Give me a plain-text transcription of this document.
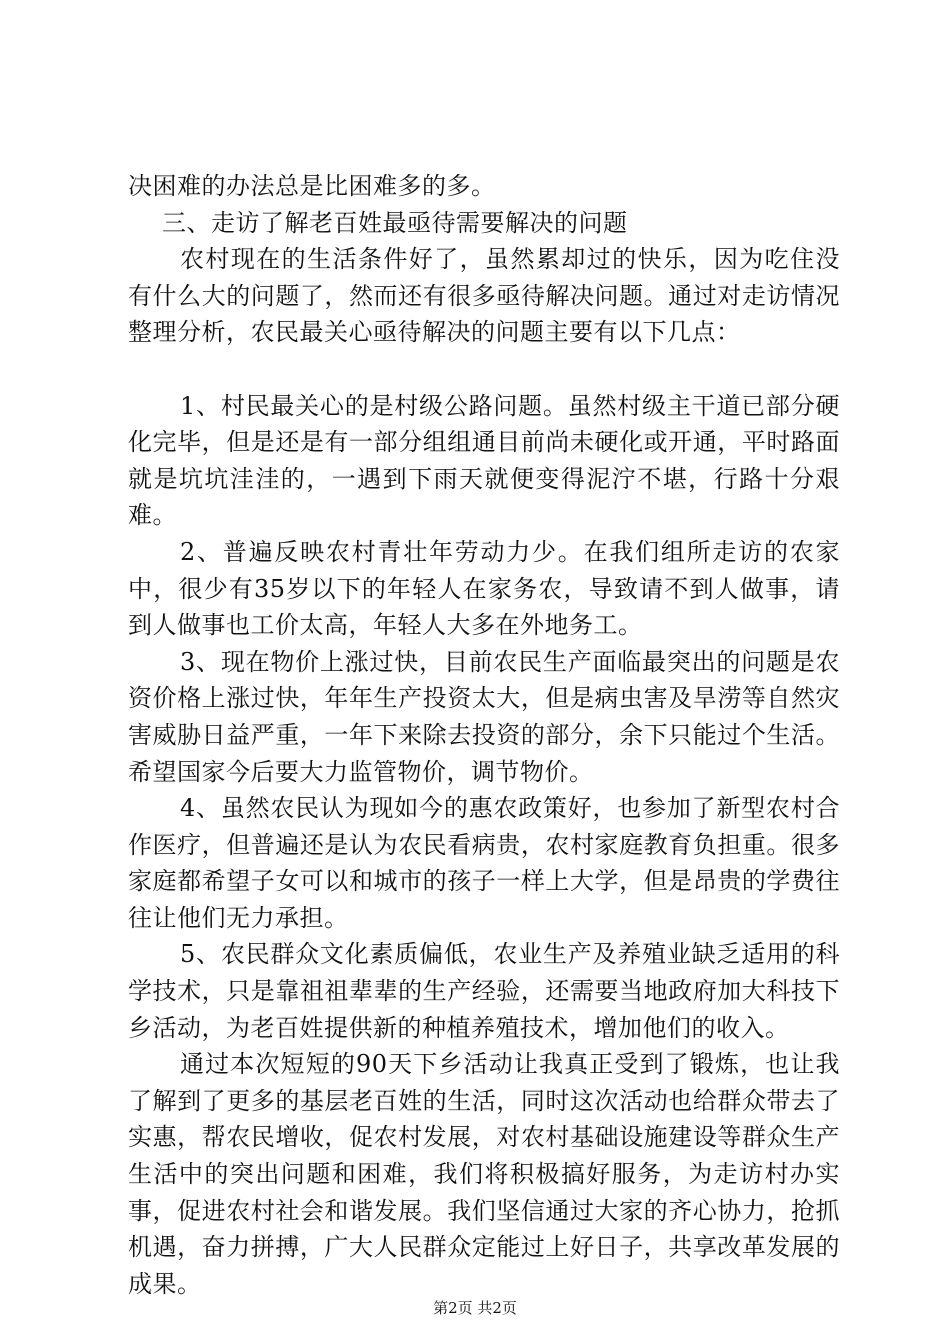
决困难的办法总是比困难多的多。

三、走访了解老百姓最亟待需要解决的问题

农村现在的生活条件好了，虽然累却过的快乐，因为吃住没有什么大的问题了，然而还有很多亟待解决问题。通过对走访情况整理分析，农民最关心亟待解决的问题主要有以下几点：

1、村民最关心的是村级公路问题。虽然村级主干道已部分硬化完毕，但是还是有一部分组组通目前尚未硬化或开通，平时路面就是坑坑洼洼的，一遇到下雨天就便变得泥泞不堪，行路十分艰难。

2、普遍反映农村青壮年劳动力少。在我们组所走访的农家中，很少有35岁以下的年轻人在家务农，导致请不到人做事，请到人做事也工价太高，年轻人大多在外地务工。

3、现在物价上涨过快，目前农民生产面临最突出的问题是农资价格上涨过快，年年生产投资太大，但是病虫害及旱涝等自然灾害威胁日益严重，一年下来除去投资的部分，余下只能过个生活。希望国家今后要大力监管物价，调节物价。

4、虽然农民认为现如今的惠农政策好，也参加了新型农村合作医疗，但普遍还是认为农民看病贵，农村家庭教育负担重。很多家庭都希望子女可以和城市的孩子一样上大学，但是昂贵的学费往往让他们无力承担。

5、农民群众文化素质偏低，农业生产及养殖业缺乏适用的科学技术，只是靠祖祖辈辈的生产经验，还需要当地政府加大科技下乡活动，为老百姓提供新的种植养殖技术，增加他们的收入。

通过本次短短的90天下乡活动让我真正受到了锻炼，也让我了解到了更多的基层老百姓的生活，同时这次活动也给群众带去了实惠，帮农民增收，促农村发展，对农村基础设施建设等群众生产生活中的突出问题和困难，我们将积极搞好服务，为走访村办实事，促进农村社会和谐发展。我们坚信通过大家的齐心协力，抢抓机遇，奋力拼搏，广大人民群众定能过上好日子，共享改革发展的成果。

第2页 共2页
